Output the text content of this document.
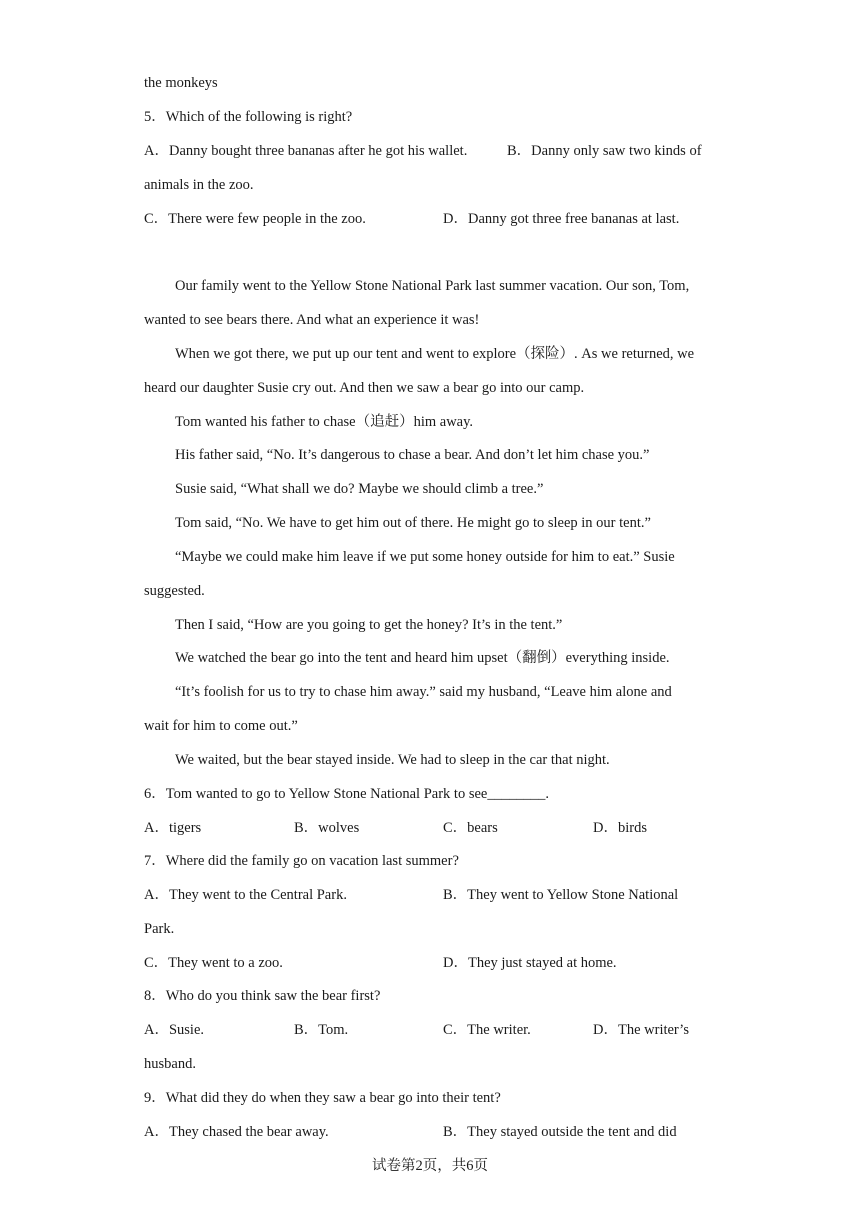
the monkeys
5．Which of the following is right?
A．Danny bought three bananas after he got his wallet.	B．Danny only saw two kinds of
animals in the zoo.
C．There were few people in the zoo.	D．Danny got three free bananas at last.
Our family went to the Yellow Stone National Park last summer vacation. Our son, Tom,
wanted to see bears there. And what an experience it was!
When we got there, we put up our tent and went to explore（探险）. As we returned, we
heard our daughter Susie cry out. And then we saw a bear go into our camp.
Tom wanted his father to chase（追赶）him away.
His father said, “No. It’s dangerous to chase a bear. And don’t let him chase you.”
Susie said, “What shall we do? Maybe we should climb a tree.”
Tom said, “No. We have to get him out of there. He might go to sleep in our tent.”
“Maybe we could make him leave if we put some honey outside for him to eat.” Susie
suggested.
Then I said, “How are you going to get the honey? It’s in the tent.”
We watched the bear go into the tent and heard him upset（翻倒）everything inside.
“It’s foolish for us to try to chase him away.” said my husband, “Leave him alone and
wait for him to come out.”
We waited, but the bear stayed inside. We had to sleep in the car that night.
6．Tom wanted to go to Yellow Stone National Park to see________.
A．tigers	B．wolves	C．bears	D．birds
7．Where did the family go on vacation last summer?
A．They went to the Central Park.	B．They went to Yellow Stone National
Park.
C．They went to a zoo.	D．They just stayed at home.
8．Who do you think saw the bear first?
A．Susie.	B．Tom.	C．The writer.	D．The writer’s
husband.
9．What did they do when they saw a bear go into their tent?
A．They chased the bear away.	B．They stayed outside the tent and did
试卷第2页，共6页
